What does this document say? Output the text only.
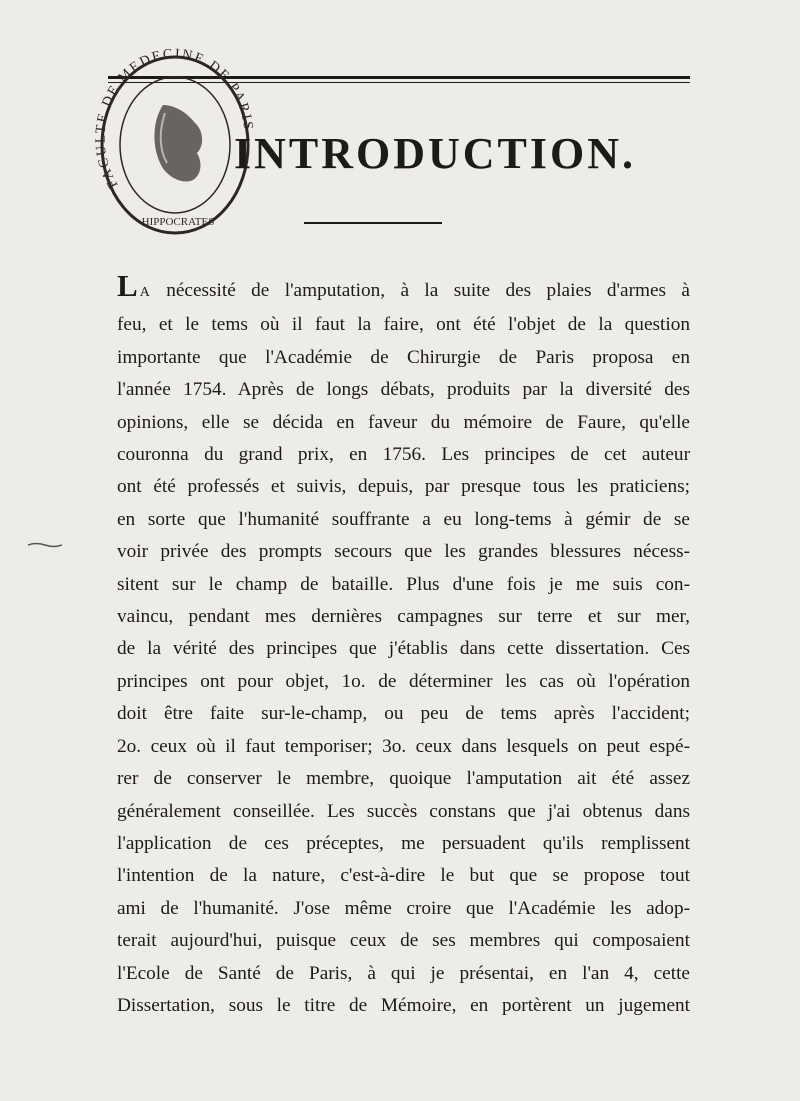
FACULTE DE MEDECINE DE PARIS
HIPPOCRATES
INTRODUCTION.
LA nécessité de l'amputation, à la suite des plaies d'armes à
feu, et le tems où il faut la faire, ont été l'objet de la question
importante que l'Académie de Chirurgie de Paris proposa en
l'année 1754. Après de longs débats, produits par la diversité des
opinions, elle se décida en faveur du mémoire de Faure, qu'elle
couronna du grand prix, en 1756. Les principes de cet auteur
ont été professés et suivis, depuis, par presque tous les praticiens;
en sorte que l'humanité souffrante a eu long-tems à gémir de se
voir privée des prompts secours que les grandes blessures nécess-
sitent sur le champ de bataille. Plus d'une fois je me suis con-
vaincu, pendant mes dernières campagnes sur terre et sur mer,
de la vérité des principes que j'établis dans cette dissertation. Ces
principes ont pour objet, 1o. de déterminer les cas où l'opération
doit être faite sur-le-champ, ou peu de tems après l'accident;
2o. ceux où il faut temporiser; 3o. ceux dans lesquels on peut espé-
rer de conserver le membre, quoique l'amputation ait été assez
généralement conseillée. Les succès constans que j'ai obtenus dans
l'application de ces préceptes, me persuadent qu'ils remplissent
l'intention de la nature, c'est-à-dire le but que se propose tout
ami de l'humanité. J'ose même croire que l'Académie les adop-
terait aujourd'hui, puisque ceux de ses membres qui composaient
l'Ecole de Santé de Paris, à qui je présentai, en l'an 4, cette
Dissertation, sous le titre de Mémoire, en portèrent un jugement
